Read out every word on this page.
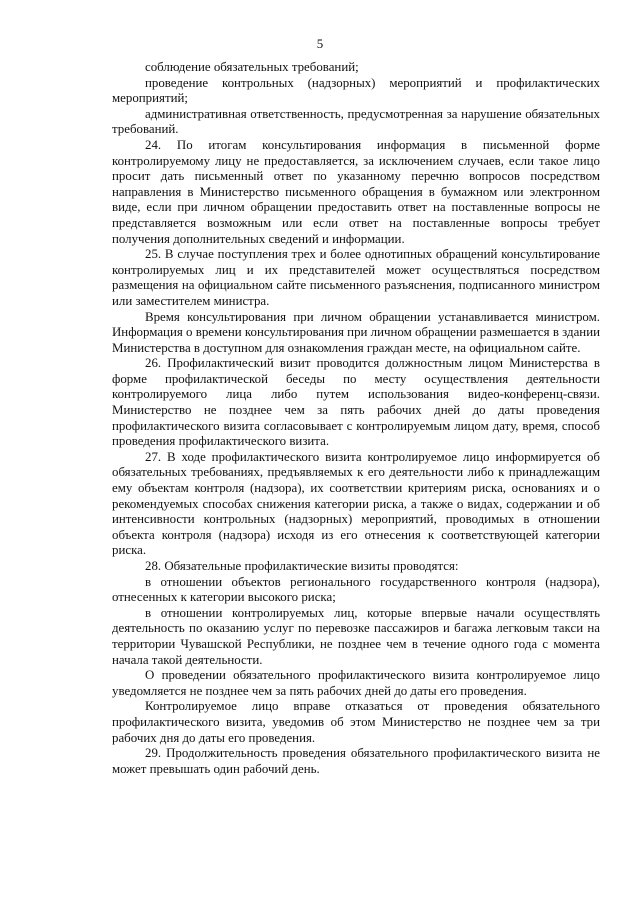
5

соблюдение обязательных требований;

проведение контрольных (надзорных) мероприятий и профилактических мероприятий;

административная ответственность, предусмотренная за нарушение обязательных требований.

24. По итогам консультирования информация в письменной форме контролируемому лицу не предоставляется, за исключением случаев, если такое лицо просит дать письменный ответ по указанному перечню вопросов посредством направления в Министерство письменного обращения в бумажном или электронном виде, если при личном обращении предоставить ответ на поставленные вопросы не представляется возможным или если ответ на поставленные вопросы требует получения дополнительных сведений и информации.

25. В случае поступления трех и более однотипных обращений консультирование контролируемых лиц и их представителей может осуществляться посредством размещения на официальном сайте письменного разъяснения, подписанного министром или заместителем министра.

Время консультирования при личном обращении устанавливается министром. Информация о времени консультирования при личном обращении размешается в здании Министерства в доступном для ознакомления граждан месте, на официальном сайте.

26. Профилактический визит проводится должностным лицом Министерства в форме профилактической беседы по месту осуществления деятельности контролируемого лица либо путем использования видео-конференц-связи. Министерство не позднее чем за пять рабочих дней до даты проведения профилактического визита согласовывает с контролируемым лицом дату, время, способ проведения профилактического визита.

27. В ходе профилактического визита контролируемое лицо информируется об обязательных требованиях, предъявляемых к его деятельности либо к принадлежащим ему объектам контроля (надзора), их соответствии критериям риска, основаниях и о рекомендуемых способах снижения категории риска, а также о видах, содержании и об интенсивности контрольных (надзорных) мероприятий, проводимых в отношении объекта контроля (надзора) исходя из его отнесения к соответствующей категории риска.

28. Обязательные профилактические визиты проводятся:

в отношении объектов регионального государственного контроля (надзора), отнесенных к категории высокого риска;

в отношении контролируемых лиц, которые впервые начали осуществлять деятельность по оказанию услуг по перевозке пассажиров и багажа легковым такси на территории Чувашской Республики, не позднее чем в течение одного года с момента начала такой деятельности.

О проведении обязательного профилактического визита контролируемое лицо уведомляется не позднее чем за пять рабочих дней до даты его проведения.

Контролируемое лицо вправе отказаться от проведения обязательного профилактического визита, уведомив об этом Министерство не позднее чем за три рабочих дня до даты его проведения.

29. Продолжительность проведения обязательного профилактического визита не может превышать один рабочий день.
